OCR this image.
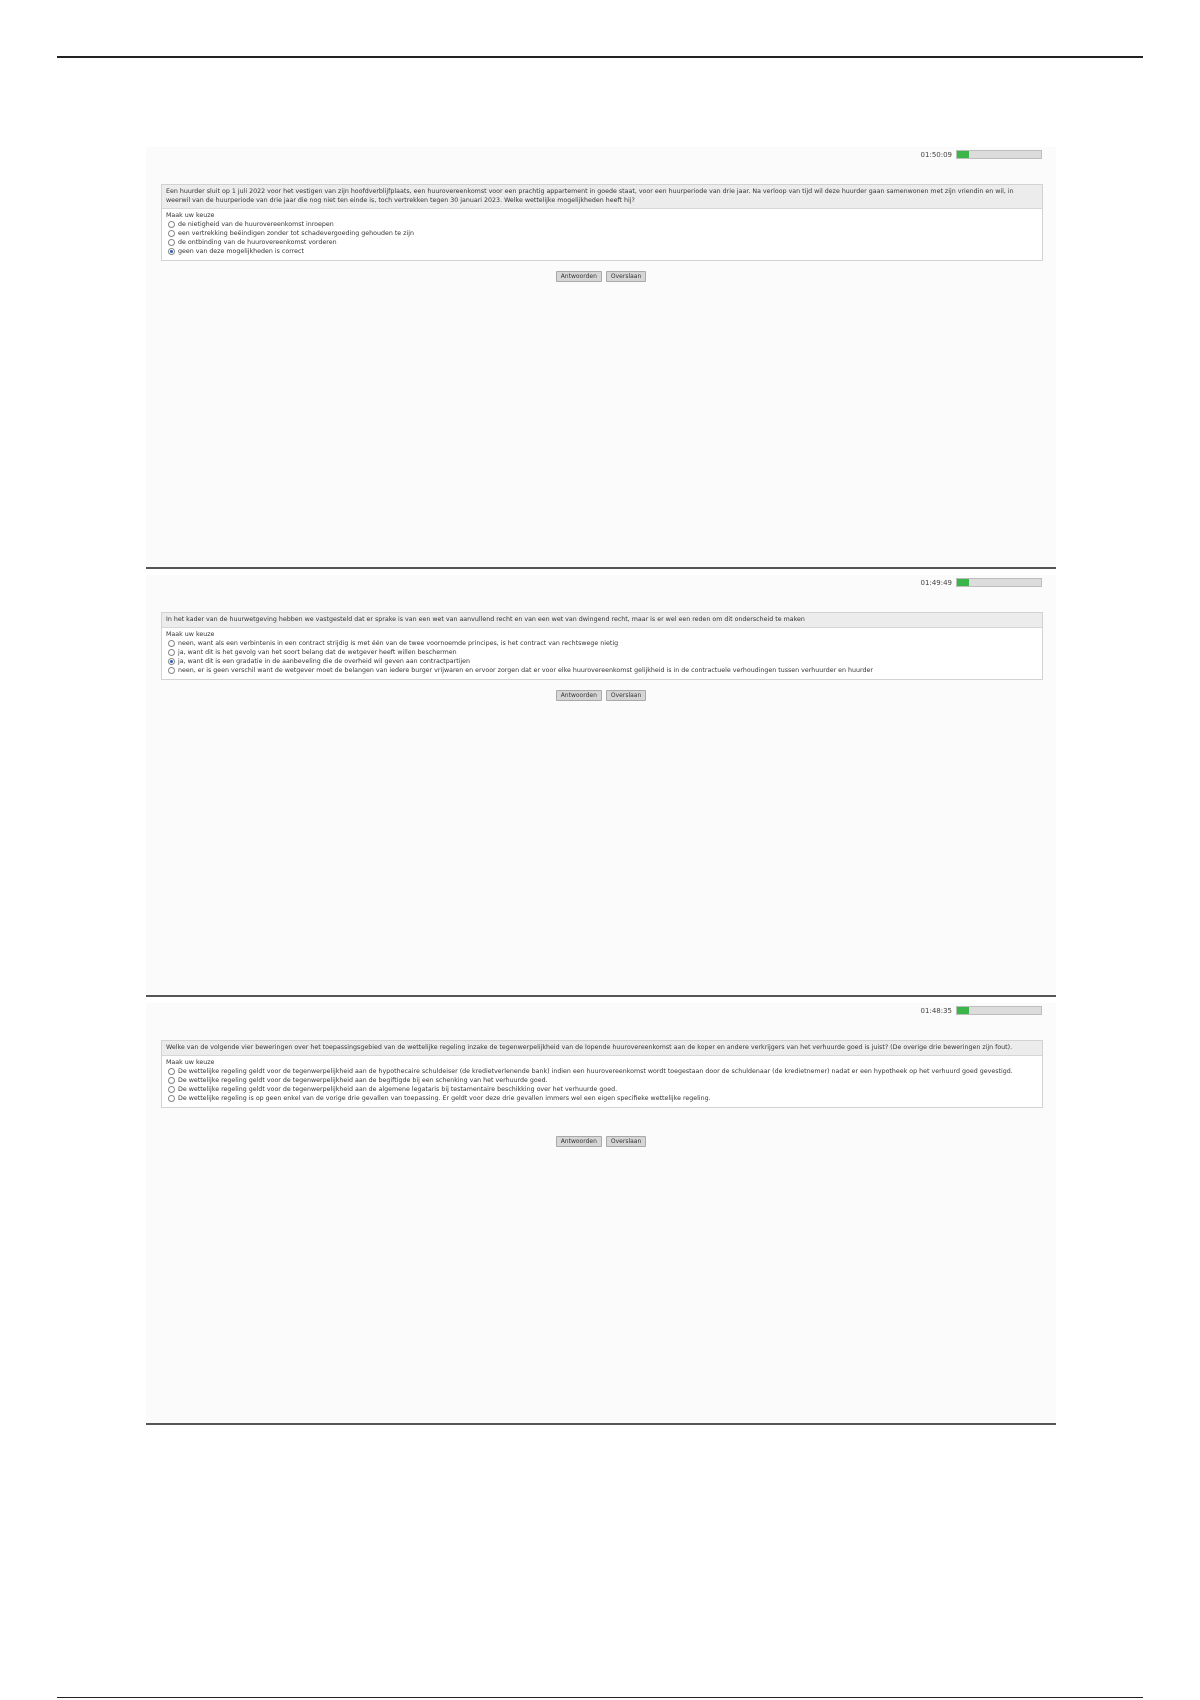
01:50:09
Een huurder sluit op 1 juli 2022 voor het vestigen van zijn hoofdverblijfplaats, een huurovereenkomst voor een prachtig appartement in goede staat, voor een huurperiode van drie jaar. Na verloop van tijd wil deze huurder gaan samenwonen met zijn vriendin en wil, in weerwil van de huurperiode van drie jaar die nog niet ten einde is, toch vertrekken tegen 30 januari 2023. Welke wettelijke mogelijkheden heeft hij?
Maak uw keuze
de nietigheid van de huurovereenkomst inroepen
een vertrekking beëindigen zonder tot schadevergoeding gehouden te zijn
de ontbinding van de huurovereenkomst vorderen
geen van deze mogelijkheden is correct
Antwoorden	Overslaan
01:49:49
In het kader van de huurwetgeving hebben we vastgesteld dat er sprake is van een wet van aanvullend recht en van een wet van dwingend recht, maar is er wel een reden om dit onderscheid te maken
Maak uw keuze
neen, want als een verbintenis in een contract strijdig is met één van de twee voornoemde principes, is het contract van rechtswege nietig
ja, want dit is het gevolg van het soort belang dat de wetgever heeft willen beschermen
ja, want dit is een gradatie in de aanbeveling die de overheid wil geven aan contractpartijen
neen, er is geen verschil want de wetgever moet de belangen van iedere burger vrijwaren en ervoor zorgen dat er voor elke huurovereenkomst gelijkheid is in de contractuele verhoudingen tussen verhuurder en huurder
Antwoorden	Overslaan
01:48:35
Welke van de volgende vier beweringen over het toepassingsgebied van de wettelijke regeling inzake de tegenwerpelijkheid van de lopende huurovereenkomst aan de koper en andere verkrijgers van het verhuurde goed is juist? (De overige drie beweringen zijn fout).
Maak uw keuze
De wettelijke regeling geldt voor de tegenwerpelijkheid aan de hypothecaire schuldeiser (de kredietverlenende bank) indien een huurovereenkomst wordt toegestaan door de schuldenaar (de kredietnemer) nadat er een hypotheek op het verhuurd goed gevestigd.
De wettelijke regeling geldt voor de tegenwerpelijkheid aan de begiftigde bij een schenking van het verhuurde goed.
De wettelijke regeling geldt voor de tegenwerpelijkheid aan de algemene legataris bij testamentaire beschikking over het verhuurde goed.
De wettelijke regeling is op geen enkel van de vorige drie gevallen van toepassing. Er geldt voor deze drie gevallen immers wel een eigen specifieke wettelijke regeling.
Antwoorden	Overslaan
